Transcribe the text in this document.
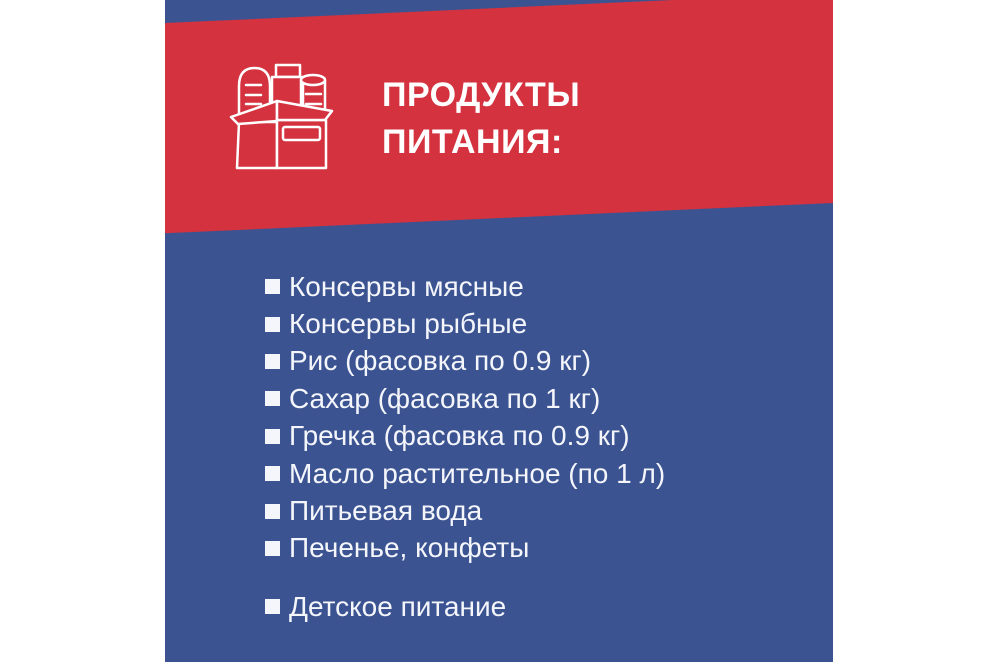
ПРОДУКТЫ
ПИТАНИЯ:
Консервы мясные
Консервы рыбные
Рис (фасовка по 0.9 кг)
Сахар (фасовка по 1 кг)
Гречка (фасовка по 0.9 кг)
Масло растительное (по 1 л)
Питьевая вода
Печенье, конфеты
Детское питание
